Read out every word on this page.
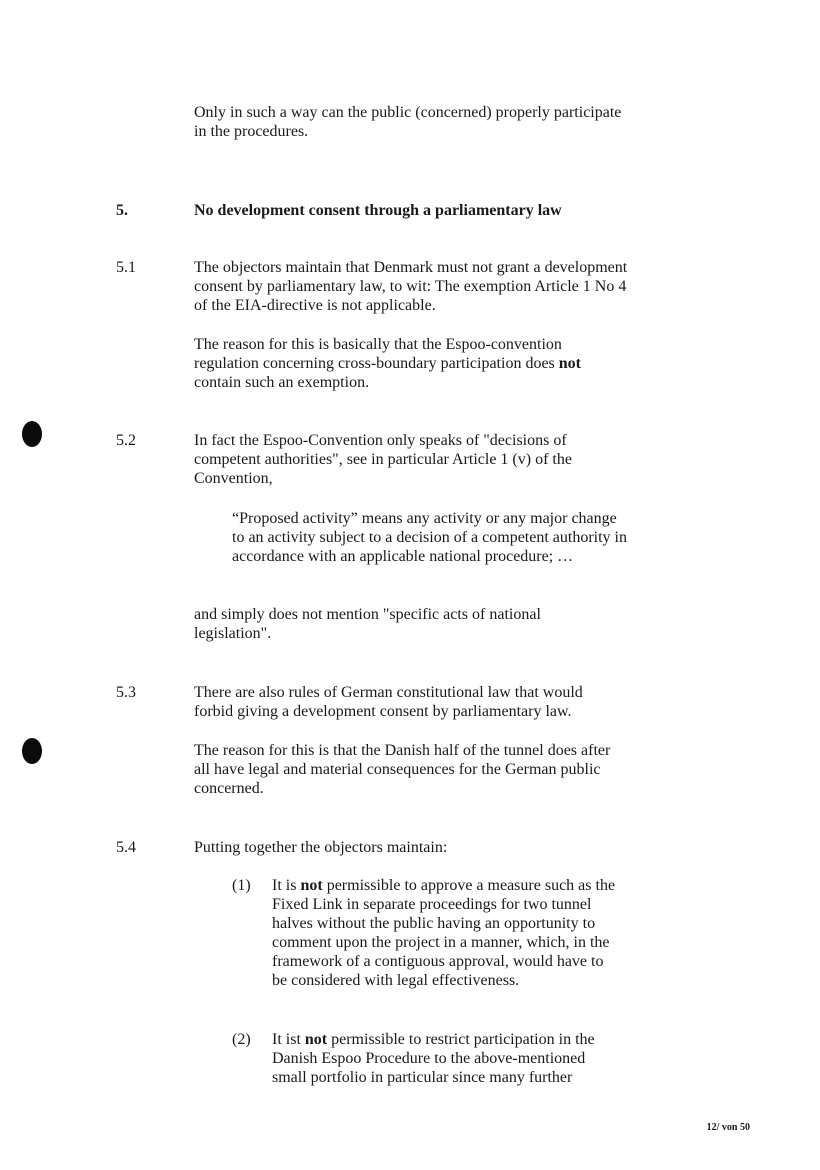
Only in such a way can the public (concerned) properly participate in the procedures.

5.	No development consent through a parliamentary law
5.1	The objectors maintain that Denmark must not grant a development consent by parliamentary law, to wit: The exemption Article 1 No 4 of the EIA-directive is not applicable.

The reason for this is basically that the Espoo-convention regulation concerning cross-boundary participation does not contain such an exemption.

5.2	In fact the Espoo-Convention only speaks of "decisions of competent authorities", see in particular Article 1 (v) of the Convention,

“Proposed activity” means any activity or any major change to an activity subject to a decision of a competent authority in accordance with an applicable national procedure; …

and simply does not mention "specific acts of national legislation".

5.3	There are also rules of German constitutional law that would forbid giving a development consent by parliamentary law.

The reason for this is that the Danish half of the tunnel does after all have legal and material consequences for the German public concerned.

5.4	Putting together the objectors maintain:

(1) It is not permissible to approve a measure such as the Fixed Link in separate proceedings for two tunnel halves without the public having an opportunity to comment upon the project in a manner, which, in the framework of a contiguous approval, would have to be considered with legal effectiveness.

(2) It ist not permissible to restrict participation in the Danish Espoo Procedure to the above-mentioned small portfolio in particular since many further

12/ von 50
